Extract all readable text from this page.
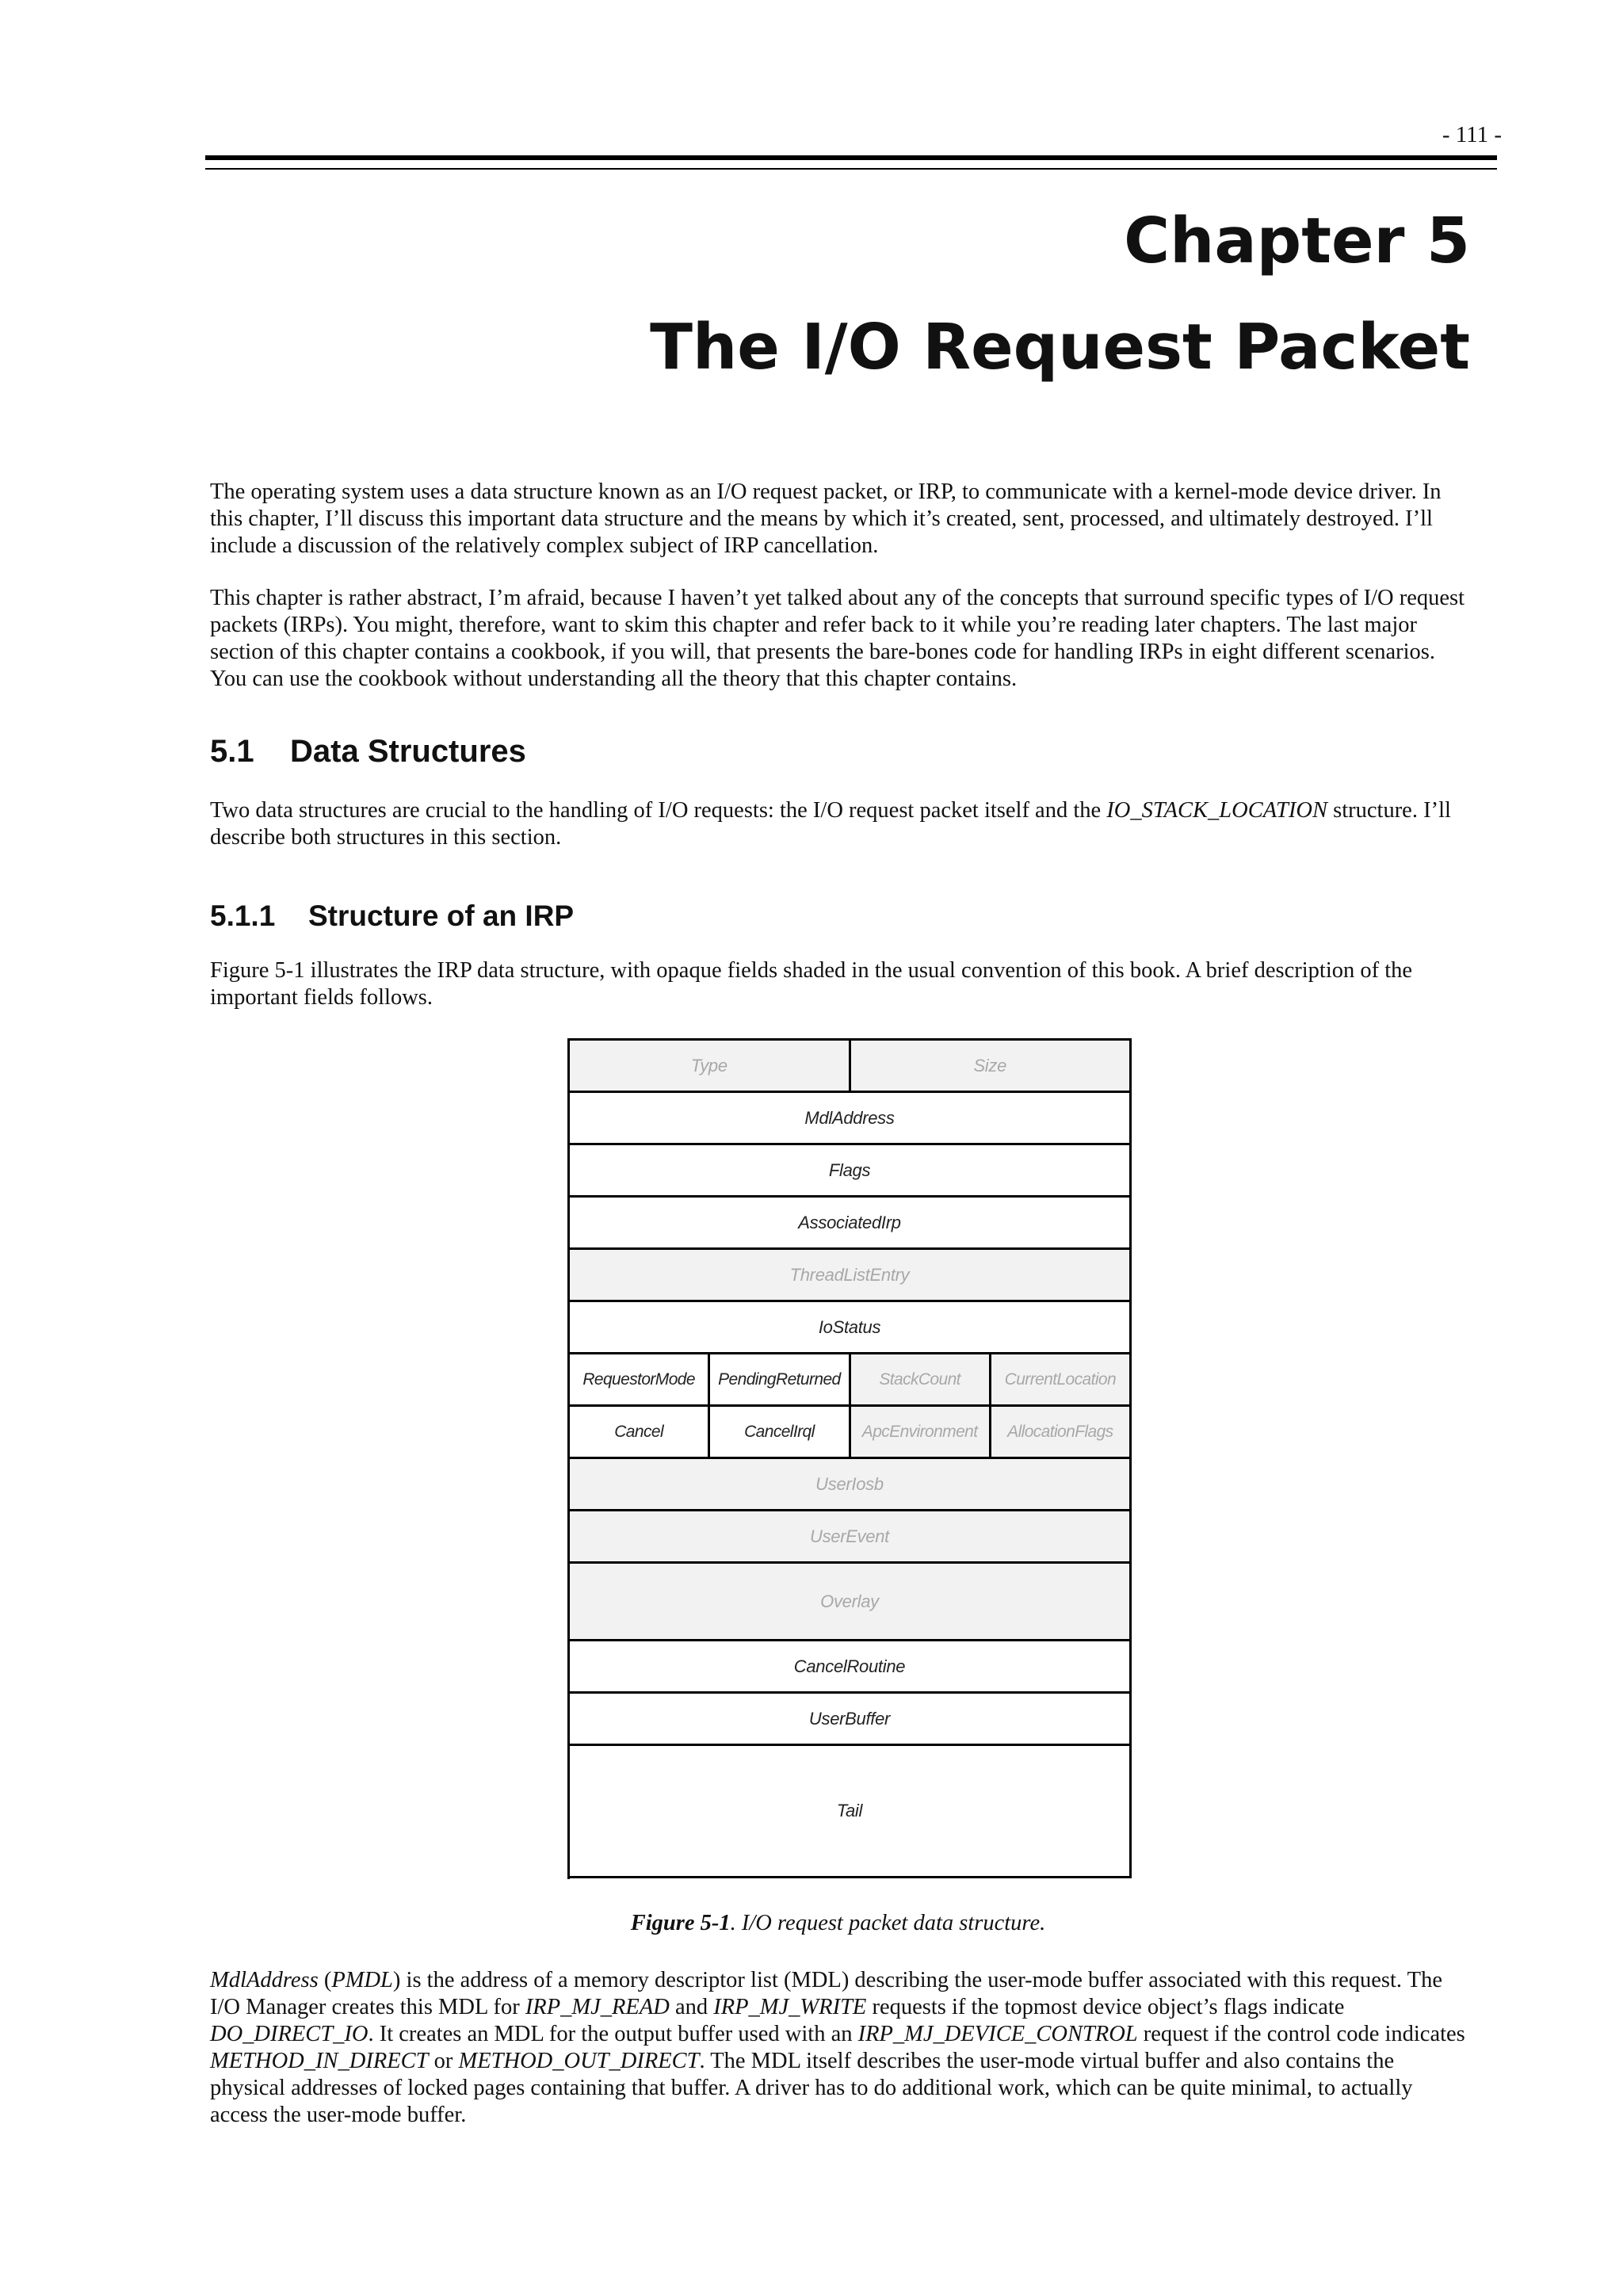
- 111 -
Chapter 5
The I/O Request Packet

The operating system uses a data structure known as an I/O request packet, or IRP, to communicate with a kernel-mode device driver. In this chapter, I’ll discuss this important data structure and the means by which it’s created, sent, processed, and ultimately destroyed. I’ll include a discussion of the relatively complex subject of IRP cancellation.

This chapter is rather abstract, I’m afraid, because I haven’t yet talked about any of the concepts that surround specific types of I/O request packets (IRPs). You might, therefore, want to skim this chapter and refer back to it while you’re reading later chapters. The last major section of this chapter contains a cookbook, if you will, that presents the bare-bones code for handling IRPs in eight different scenarios. You can use the cookbook without understanding all the theory that this chapter contains.

5.1 Data Structures

Two data structures are crucial to the handling of I/O requests: the I/O request packet itself and the IO_STACK_LOCATION structure. I’ll describe both structures in this section.

5.1.1 Structure of an IRP

Figure 5-1 illustrates the IRP data structure, with opaque fields shaded in the usual convention of this book. A brief description of the important fields follows.

Type	Size
MdlAddress
Flags
AssociatedIrp
ThreadListEntry
IoStatus
RequestorMode	PendingReturned	StackCount	CurrentLocation
Cancel	CancelIrql	ApcEnvironment	AllocationFlags
UserIosb
UserEvent
Overlay
CancelRoutine
UserBuffer
Tail

Figure 5-1. I/O request packet data structure.

MdlAddress (PMDL) is the address of a memory descriptor list (MDL) describing the user-mode buffer associated with this request. The I/O Manager creates this MDL for IRP_MJ_READ and IRP_MJ_WRITE requests if the topmost device object’s flags indicate DO_DIRECT_IO. It creates an MDL for the output buffer used with an IRP_MJ_DEVICE_CONTROL request if the control code indicates METHOD_IN_DIRECT or METHOD_OUT_DIRECT. The MDL itself describes the user-mode virtual buffer and also contains the physical addresses of locked pages containing that buffer. A driver has to do additional work, which can be quite minimal, to actually access the user-mode buffer.
